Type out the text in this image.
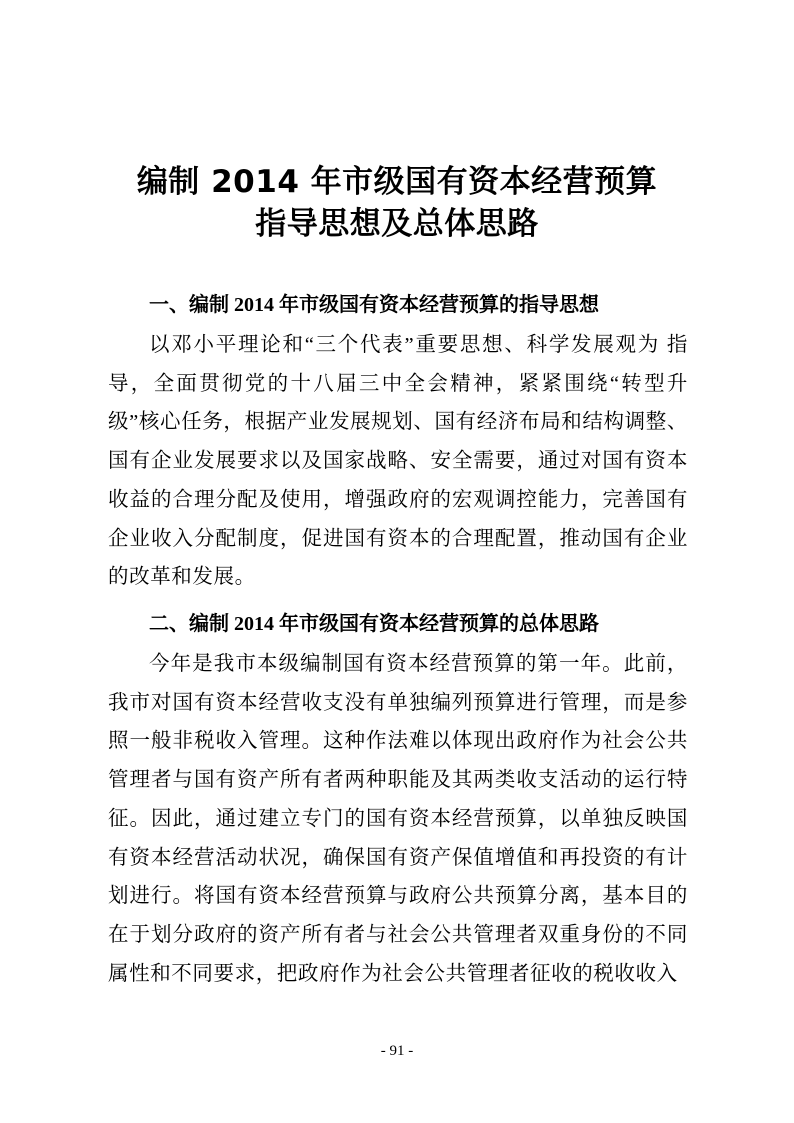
编制 2014 年市级国有资本经营预算
指导思想及总体思路
一、编制 2014 年市级国有资本经营预算的指导思想
以邓小平理论和“三个代表”重要思想、科学发展观为 指导，全面贯彻党的十八届三中全会精神，紧紧围绕“转型升级”核心任务，根据产业发展规划、国有经济布局和结构调整、国有企业发展要求以及国家战略、安全需要，通过对国有资本收益的合理分配及使用，增强政府的宏观调控能力，完善国有企业收入分配制度，促进国有资本的合理配置，推动国有企业的改革和发展。
二、编制 2014 年市级国有资本经营预算的总体思路
今年是我市本级编制国有资本经营预算的第一年。此前，我市对国有资本经营收支没有单独编列预算进行管理，而是参照一般非税收入管理。这种作法难以体现出政府作为社会公共管理者与国有资产所有者两种职能及其两类收支活动的运行特征。因此，通过建立专门的国有资本经营预算，以单独反映国有资本经营活动状况，确保国有资产保值增值和再投资的有计划进行。将国有资本经营预算与政府公共预算分离，基本目的在于划分政府的资产所有者与社会公共管理者双重身份的不同属性和不同要求，把政府作为社会公共管理者征收的税收收入
- 91 -
